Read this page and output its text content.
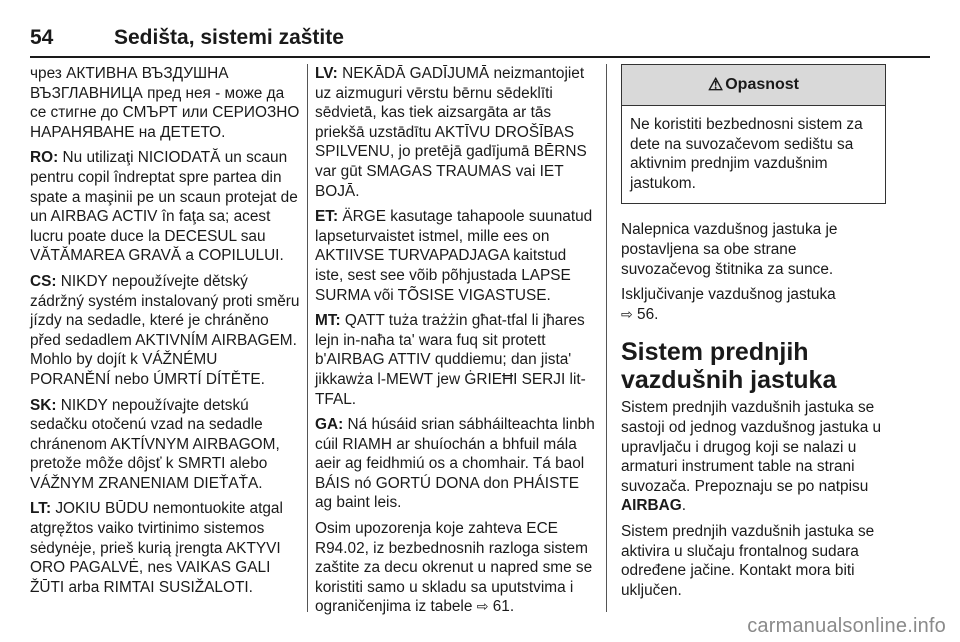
54	Sedišta, sistemi zaštite

чрез АКТИВНА ВЪЗДУШНА ВЪЗГЛАВНИЦА пред нея - може да се стигне до СМЪРТ или СЕРИОЗНО НАРАНЯВАНЕ на ДЕТЕТО.

RO: Nu utilizaţi NICIODATĂ un scaun pentru copil îndreptat spre partea din spate a maşinii pe un scaun protejat de un AIRBAG ACTIV în faţa sa; acest lucru poate duce la DECESUL sau VĂTĂMAREA GRAVĂ a COPILULUI.

CS: NIKDY nepoužívejte dětský zádržný systém instalovaný proti směru jízdy na sedadle, které je chráněno před sedadlem AKTIVNÍM AIRBAGEM. Mohlo by dojít k VÁŽNÉMU PORANĚNÍ nebo ÚMRTÍ DÍTĚTE.

SK: NIKDY nepoužívajte detskú sedačku otočenú vzad na sedadle chránenom AKTÍVNYM AIRBAGOM, pretože môže dôjsť k SMRTI alebo VÁŽNYM ZRANENIAM DIEŤAŤA.

LT: JOKIU BŪDU nemontuokite atgal atgręžtos vaiko tvirtinimo sistemos sėdynėje, prieš kurią įrengta AKTYVI ORO PAGALVĖ, nes VAIKAS GALI ŽŪTI arba RIMTAI SUSIŽALOTI.

LV: NEKĀDĀ GADĪJUMĀ neizmantojiet uz aizmuguri vērstu bērnu sēdeklīti sēdvietā, kas tiek aizsargāta ar tās priekšā uzstādītu AKTĪVU DROŠĪBAS SPILVENU, jo pretējā gadījumā BĒRNS var gūt SMAGAS TRAUMAS vai IET BOJĀ.

ET: ÄRGE kasutage tahapoole suunatud lapseturvaistet istmel, mille ees on AKTIIVSE TURVAPADJAGA kaitstud iste, sest see võib põhjustada LAPSE SURMA või TÕSISE VIGASTUSE.

MT: QATT tuża trażżin għat-tfal li jħares lejn in-naħa ta' wara fuq sit protett b'AIRBAG ATTIV quddiemu; dan jista' jikkawża l-MEWT jew ĠRIEĦI SERJI lit-TFAL.

GA: Ná húsáid srian sábháilteachta linbh cúil RIAMH ar shuíochán a bhfuil mála aeir ag feidhmiú os a chomhair. Tá baol BÁIS nó GORTÚ DONA don PHÁISTE ag baint leis.

Osim upozorenja koje zahteva ECE R94.02, iz bezbednosnih razloga sistem zaštite za decu okrenut u napred sme se koristiti samo u skladu sa uputstvima i ograničenjima iz tabele ⇨ 61.

⚠ Opasnost
Ne koristiti bezbednosni sistem za dete na suvozačevom sedištu sa aktivnim prednjim vazdušnim jastukom.

Nalepnica vazdušnog jastuka je postavljena sa obe strane suvozačevog štitnika za sunce.

Isključivanje vazdušnog jastuka
⇨ 56.

Sistem prednjih vazdušnih jastuka

Sistem prednjih vazdušnih jastuka se sastoji od jednog vazdušnog jastuka u upravljaču i drugog koji se nalazi u armaturi instrument table na strani suvozača. Prepoznaju se po natpisu AIRBAG.

Sistem prednjih vazdušnih jastuka se aktivira u slučaju frontalnog sudara određene jačine. Kontakt mora biti uključen.

carmanualsonline.info
